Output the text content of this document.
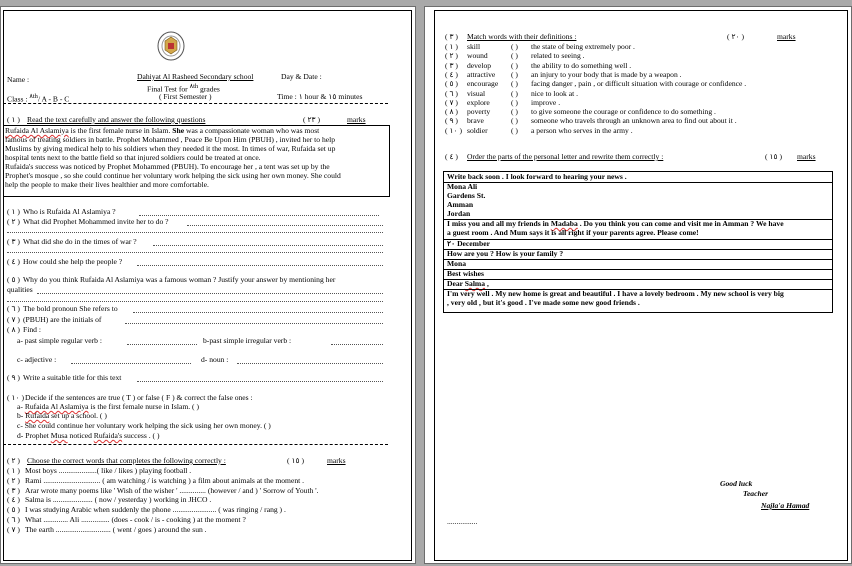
Name :	Dahiyat Al Rasheed Secondary school	Day & Date :
Final Test for $^{٨th}$ grades
Class : $^{٨th}$/ A - B - C	( First Semester )	Time : ١ hour & ١٥ minutes
( ١ ) Read the text carefully and answer the following questions	( ٢٣ )	marks
Rufaida Al Aslamiya is the first female nurse in Islam. She was a compassionate woman who was most
famous of treating soldiers in battle. Prophet Mohammed , Peace Be Upon Him (PBUH) , invited her to help
Muslims by giving medical help to his soldiers when they needed it the most. In times of war, Rufaida set up
hospital tents next to the battle field so that injured soldiers could be treated at once.
Rufaida's success was noticed by Prophet Mohammed (PBUH). To encourage her , a tent was set up by the
Prophet's mosque , so she could continue her voluntary work helping the sick using her own money. She could
help the people to make their lives healthier and more comfortable.
( ١ ) Who is Rufaida Al Aslamiya ?
( ٢ ) What did Prophet Mohammed invite her to do ?
( ٣ ) What did she do in the times of war ?
( ٤ ) How could she help the people ?
( ٥ ) Why do you think Rufaida Al Aslamiya was a famous woman ? Justify your answer by mentioning her
qualities
( ٦ ) The bold pronoun She refers to
( ٧ ) (PBUH) are the initials of
( ٨ ) Find :
a- past simple regular verb :	b-past simple irregular verb :
c- adjective :	d- noun :
( ٩ ) Write a suitable title for this text
( ١٠ ) Decide if the sentences are true ( T ) or false ( F ) & correct the false ones :
a- Rufaida Al Aslamiya is the first female nurse in Islam. ( )
b- Rufaida set up a school. ( )
c- She could continue her voluntary work helping the sick using her own money. ( )
d- Prophet Musa noticed Rufaida's success . ( )
( ٢ ) Choose the correct words that completes the following correctly :	( ١٥ )	marks
( ١ ) Most boys ....................( like / likes ) playing football .
( ٢ ) Rami .............................. ( am watching / is watching ) a film about animals at the moment .
( ٣ ) Arar wrote many poems like ' Wish of the wisher ' .............. (however / and ) ' Sorrow of Youth '.
( ٤ ) Salma is ..................... ( now / yesterday ) working in JHCO .
( ٥ ) I was studying Arabic when suddenly the phone ....................... ( was ringing / rang ) .
( ٦ ) What ............. Ali ............... (does - cook / is - cooking ) at the moment ?
( ٧ ) The earth ............................. ( went / goes ) around the sun .
( ٣ ) Match words with their definitions :	( ٢٠ )	marks
( ٤ ) Order the parts of the personal letter and rewrite them correctly :	( ١٥ ) marks
Write back soon . I look forward to hearing your news .
Mona Ali
Gardens St.
Amman
Jordan
I miss you and all my friends in Madaba . Do you think you can come and visit me in Amman ? We have
a guest room . And Mum says it is all right if your parents agree. Please come!
٢٠ December
How are you ? How is your family ?
Mona
Best wishes
Dear Salma ,
I'm very well . My new home is great and beautiful . I have a lovely bedroom . My new school is very big
, very old , but it's good . I've made some new good friends .
Good luck
Teacher
Najla'a Hamad
................
( ١ ) skill	( ) the state of being extremely poor .
( ٢ ) wound	( ) related to seeing .
( ٣ ) develop	( ) the ability to do something well .
( ٤ ) attractive ( ) an injury to your body that is made by a weapon .
( ٥ ) encourage ( ) facing danger , pain , or difficult situation with courage or confidence .
( ٦ ) visual	( ) nice to look at .
( ٧ ) explore	( ) improve .
( ٨ ) poverty	( ) to give someone the courage or confidence to do something .
( ٩ ) brave	( ) someone who travels through an unknown area to find out about it .
( ١٠ ) soldier	( ) a person who serves in the army .
